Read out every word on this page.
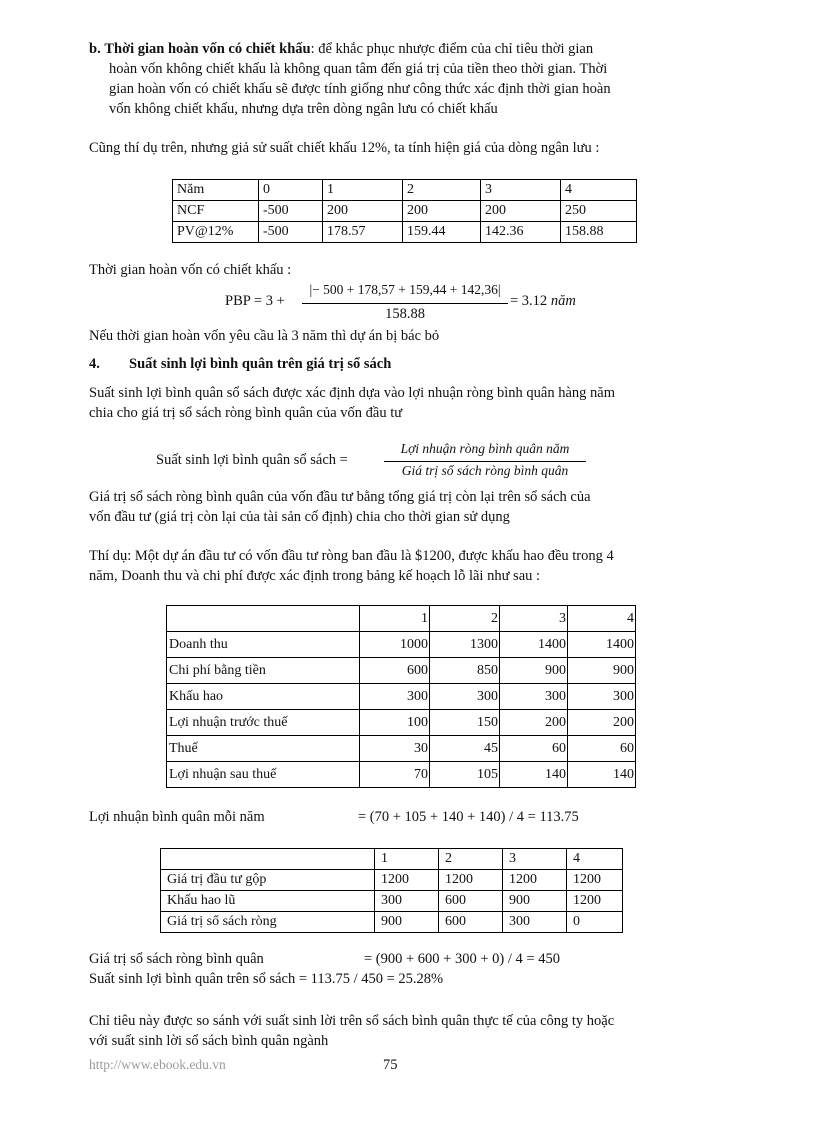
b. Thời gian hoàn vốn có chiết khấu: để khắc phục nhược điểm của chỉ tiêu thời gian
hoàn vốn không chiết khấu là không quan tâm đến giá trị của tiền theo thời gian. Thời
gian hoàn vốn có chiết khấu sẽ được tính giống như công thức xác định thời gian hoàn
vốn không chiết khấu, nhưng dựa trên dòng ngân lưu có chiết khấu
Cũng thí dụ trên, nhưng giả sử suất chiết khấu 12%, ta tính hiện giá của dòng ngân lưu :
Năm	0	1	2	3	4
NCF	-500	200	200	200	250
PV@12%	-500	178.57	159.44	142.36	158.88
Thời gian hoàn vốn có chiết khấu :
PBP = 3 +
|− 500 + 178,57 + 159,44 + 142,36|
158.88
= 3.12 năm
Nếu thời gian hoàn vốn yêu cầu là 3 năm thì dự án bị bác bỏ
4. Suất sinh lợi bình quân trên giá trị sổ sách
Suất sinh lợi bình quân sổ sách được xác định dựa vào lợi nhuận ròng bình quân hàng năm
chia cho giá trị sổ sách ròng bình quân của vốn đầu tư
Suất sinh lợi bình quân sổ sách =
Lợi nhuận ròng bình quân năm
Giá trị sổ sách ròng bình quân
Giá trị sổ sách ròng bình quân của vốn đầu tư bằng tổng giá trị còn lại trên sổ sách của
vốn đầu tư (giá trị còn lại của tài sản cố định) chia cho thời gian sử dụng
Thí dụ: Một dự án đầu tư có vốn đầu tư ròng ban đầu là $1200, được khấu hao đều trong 4
năm, Doanh thu và chi phí được xác định trong bảng kế hoạch lỗ lãi như sau :
	1	2	3	4
Doanh thu	1000	1300	1400	1400
Chi phí bằng tiền	600	850	900	900
Khấu hao	300	300	300	300
Lợi nhuận trước thuế	100	150	200	200
Thuế	30	45	60	60
Lợi nhuận sau thuế	70	105	140	140
Lợi nhuận bình quân mỗi năm	= (70 + 105 + 140 + 140) / 4 = 113.75
	1	2	3	4
Giá trị đầu tư gộp	1200	1200	1200	1200
Khấu hao lũ	300	600	900	1200
Giá trị sổ sách ròng	900	600	300	0
Giá trị sổ sách ròng bình quân	= (900 + 600 + 300 + 0) / 4 = 450
Suất sinh lợi bình quân trên sổ sách = 113.75 / 450 = 25.28%
Chỉ tiêu này được so sánh với suất sinh lời trên sổ sách bình quân thực tế của công ty hoặc
với suất sinh lời sổ sách bình quân ngành
http://www.ebook.edu.vn	75
